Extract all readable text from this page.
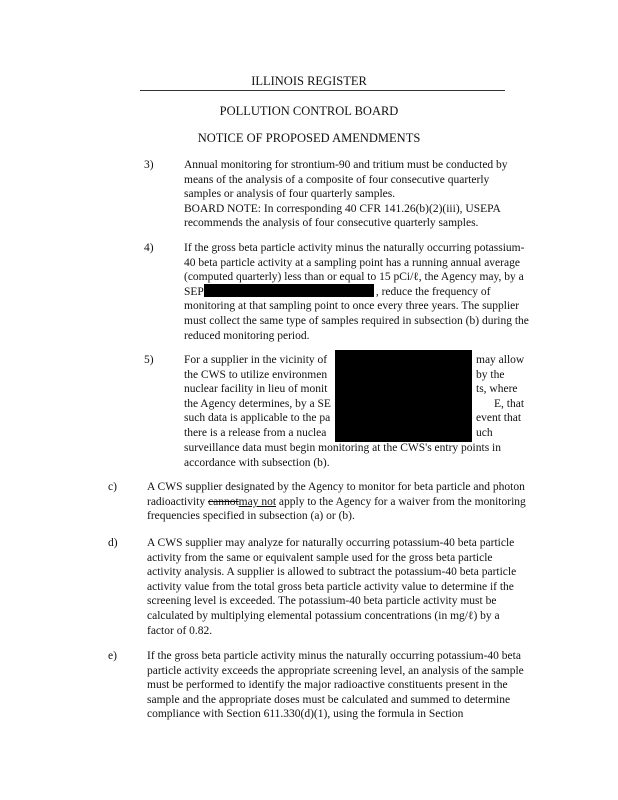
ILLINOIS REGISTER
POLLUTION CONTROL BOARD
NOTICE OF PROPOSED AMENDMENTS
3)	Annual monitoring for strontium-90 and tritium must be conducted by
means of the analysis of a composite of four consecutive quarterly
samples or analysis of four quarterly samples.
BOARD NOTE: In corresponding 40 CFR 141.26(b)(2)(iii), USEPA
recommends the analysis of four consecutive quarterly samples.
4)	If the gross beta particle activity minus the naturally occurring potassium-
40 beta particle activity at a sampling point has a running annual average
(computed quarterly) less than or equal to 15 pCi/ℓ, the Agency may, by a
SEP	, reduce the frequency of
monitoring at that sampling point to once every three years. The supplier
must collect the same type of samples required in subsection (b) during the
reduced monitoring period.
5)	For a supplier in the vicinity of
the CWS to utilize environmen
nuclear facility in lieu of monit
the Agency determines, by a SE
such data is applicable to the pa
there is a release from a nuclea
may allow
by the
ts, where
E, that
event that
uch
surveillance data must begin monitoring at the CWS's entry points in
accordance with subsection (b).
c)	A CWS supplier designated by the Agency to monitor for beta particle and photon
radioactivity cannotmay not apply to the Agency for a waiver from the monitoring
frequencies specified in subsection (a) or (b).
d)	A CWS supplier may analyze for naturally occurring potassium-40 beta particle
activity from the same or equivalent sample used for the gross beta particle
activity analysis. A supplier is allowed to subtract the potassium-40 beta particle
activity value from the total gross beta particle activity value to determine if the
screening level is exceeded. The potassium-40 beta particle activity must be
calculated by multiplying elemental potassium concentrations (in mg/ℓ) by a
factor of 0.82.
e)	If the gross beta particle activity minus the naturally occurring potassium-40 beta
particle activity exceeds the appropriate screening level, an analysis of the sample
must be performed to identify the major radioactive constituents present in the
sample and the appropriate doses must be calculated and summed to determine
compliance with Section 611.330(d)(1), using the formula in Section
